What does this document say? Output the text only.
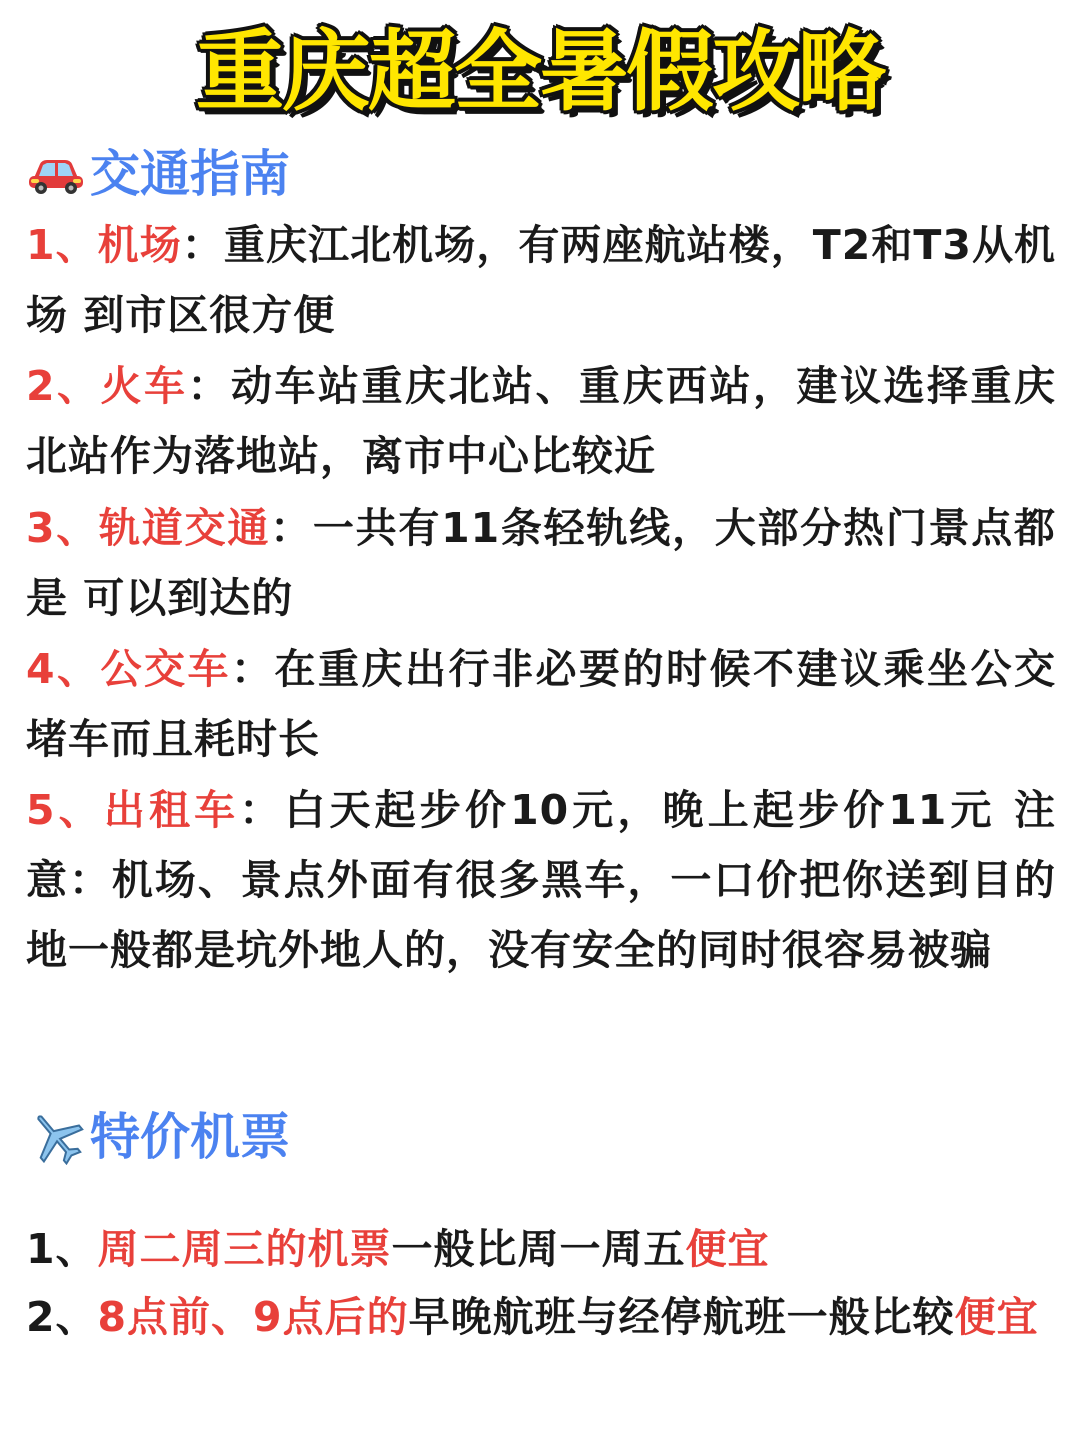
重庆超全暑假攻略
交通指南
1、机场：重庆江北机场，有两座航站楼，T2和T3从机场 到市区很方便
2、火车：动车站重庆北站、重庆西站，建议选择重庆北站作为落地站，离市中心比较近
3、轨道交通：一共有11条轻轨线，大部分热门景点都是 可以到达的
4、公交车：在重庆出行非必要的时候不建议乘坐公交 堵车而且耗时长
5、出租车：白天起步价10元，晚上起步价11元 注意：机场、景点外面有很多黑车，一口价把你送到目的地一般都是坑外地人的，没有安全的同时很容易被骗
特价机票
1、周二周三的机票一般比周一周五便宜
2、8点前、9点后的早晚航班与经停航班一般比较便宜
